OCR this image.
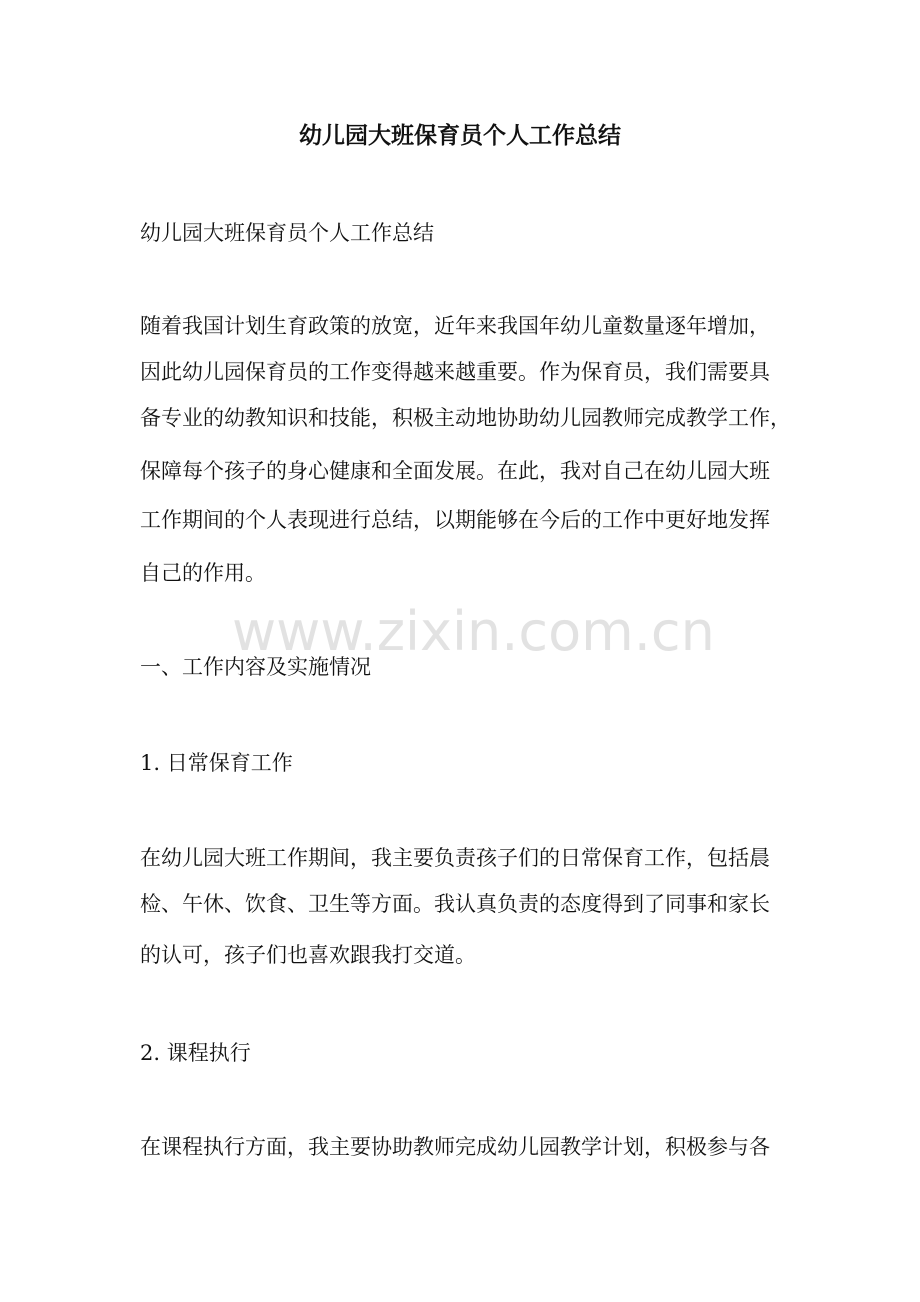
幼儿园大班保育员个人工作总结

幼儿园大班保育员个人工作总结

随着我国计划生育政策的放宽，近年来我国年幼儿童数量逐年增加，

因此幼儿园保育员的工作变得越来越重要。作为保育员，我们需要具

备专业的幼教知识和技能，积极主动地协助幼儿园教师完成教学工作，

保障每个孩子的身心健康和全面发展。在此，我对自己在幼儿园大班

工作期间的个人表现进行总结，以期能够在今后的工作中更好地发挥

自己的作用。

一、工作内容及实施情况

1. 日常保育工作

在幼儿园大班工作期间，我主要负责孩子们的日常保育工作，包括晨

检、午休、饮食、卫生等方面。我认真负责的态度得到了同事和家长

的认可，孩子们也喜欢跟我打交道。

2. 课程执行

在课程执行方面，我主要协助教师完成幼儿园教学计划，积极参与各

www.zixin.com.cn
